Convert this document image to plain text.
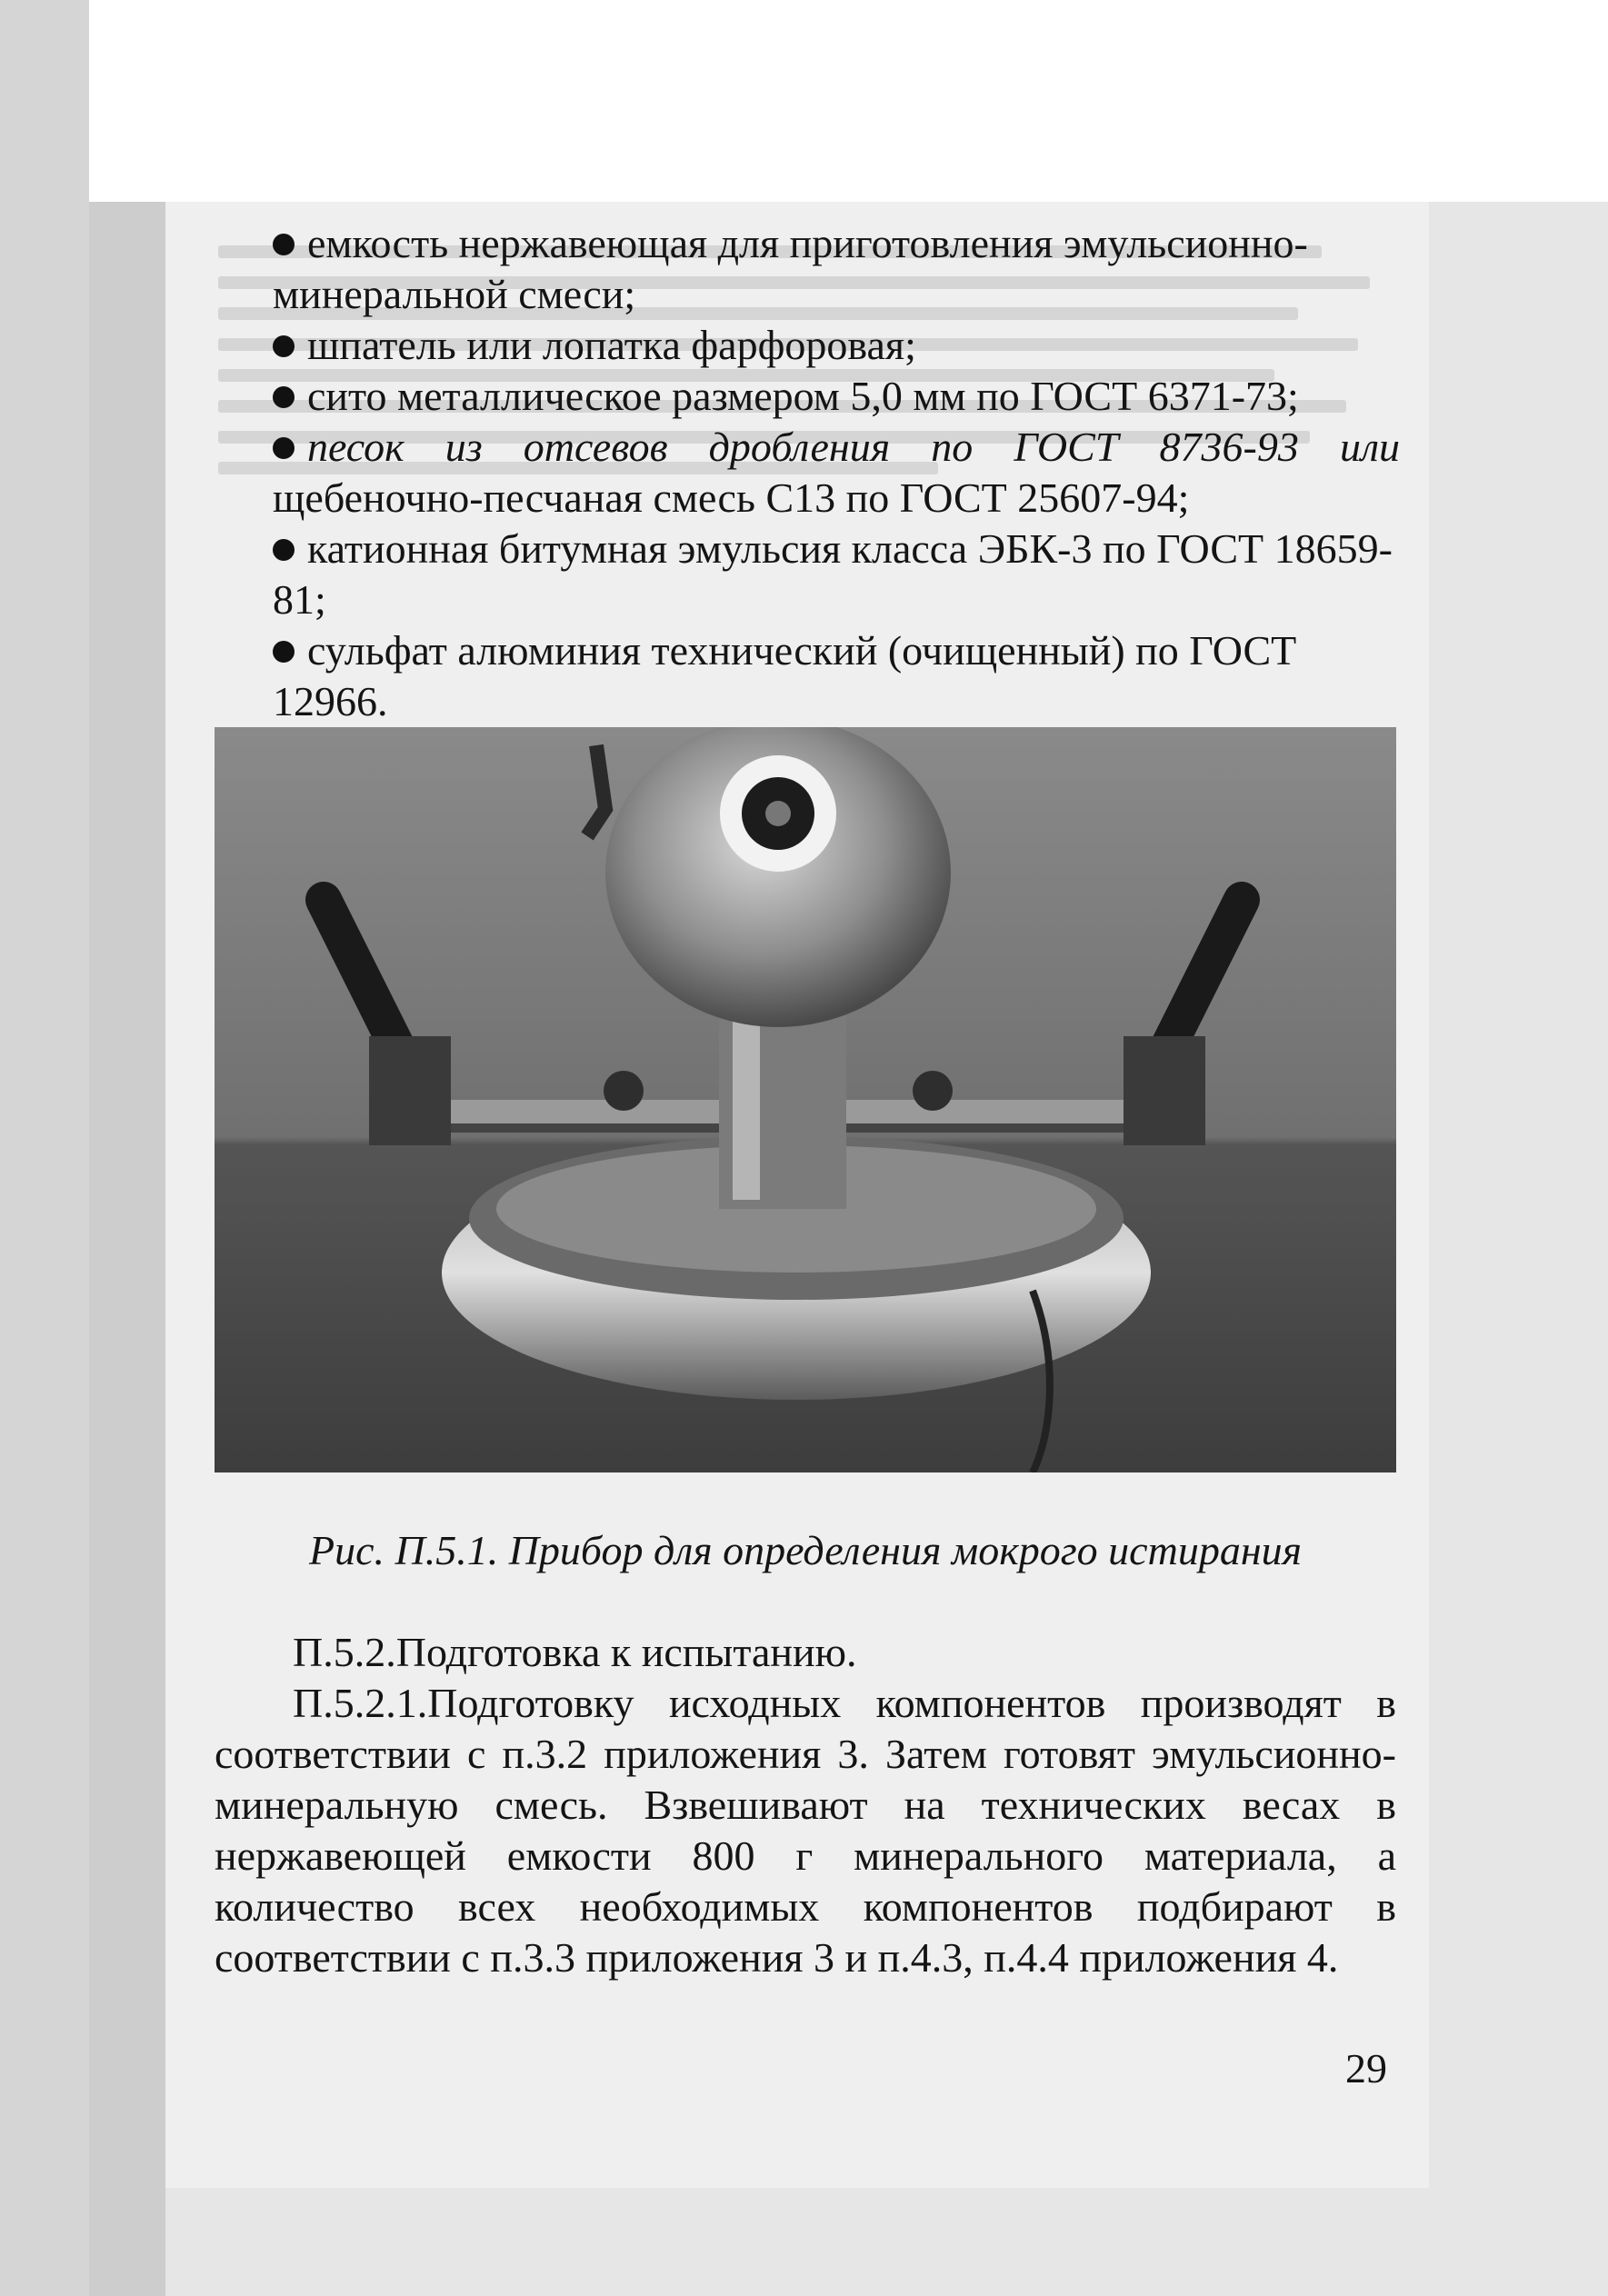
емкость нержавеющая для приготовления эмульсионно-минеральной смеси;
шпатель или лопатка фарфоровая;
сито металлическое размером 5,0 мм по ГОСТ 6371-73;
песок из отсевов дробления по ГОСТ 8736-93 или
щебеночно-песчаная смесь С13 по ГОСТ 25607-94;
катионная битумная эмульсия класса ЭБК-3 по ГОСТ 18659-81;
сульфат алюминия технический (очищенный) по ГОСТ 12966.
Рис. П.5.1. Прибор для определения мокрого истирания

П.5.2.Подготовка к испытанию.

П.5.2.1.Подготовку исходных компонентов производят в соответствии с п.3.2 приложения 3. Затем готовят эмульсионно-минеральную смесь. Взвешивают на технических весах в нержавеющей емкости 800 г минерального материала, а количество всех необходимых компонентов подбирают в соответствии с п.3.3 приложения 3 и п.4.3, п.4.4 приложения 4.

29
